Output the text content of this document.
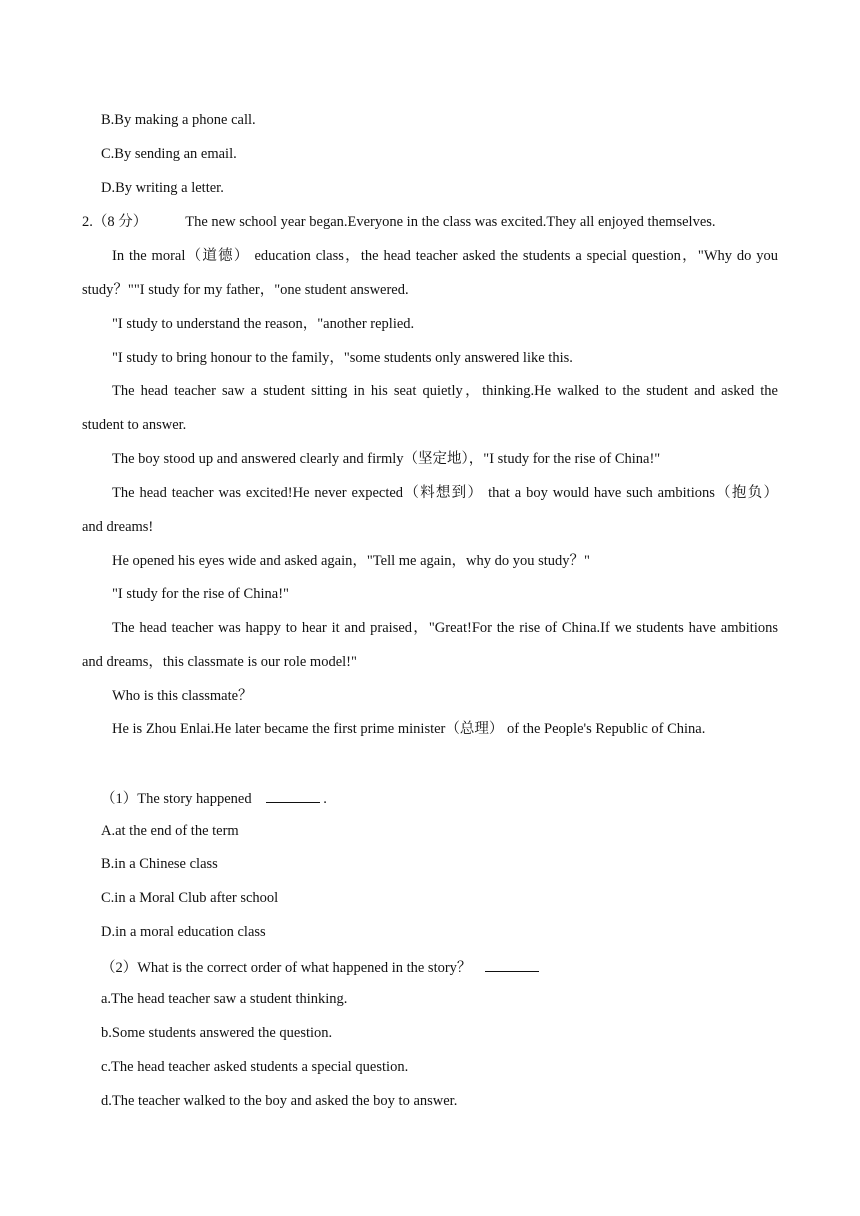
B.By making a phone call.
C.By sending an email.
D.By writing a letter.
2.（8 分）	The new school year began.Everyone in the class was excited.They all enjoyed themselves.
In the moral（道德） education class，the head teacher asked the students a special question，"Why do you
study？""I study for my father，"one student answered.
"I study to understand the reason，"another replied.
"I study to bring honour to the family，"some students only answered like this.
The head teacher saw a student sitting in his seat quietly，thinking.He walked to the student and asked the
student to answer.
The boy stood up and answered clearly and firmly（坚定地），"I study for the rise of China!"
The head teacher was excited!He never expected（料想到） that a boy would have such ambitions（抱负）
and dreams!
He opened his eyes wide and asked again，"Tell me again，why do you study？"
"I study for the rise of China!"
The head teacher was happy to hear it and praised，"Great!For the rise of China.If we students have ambitions
and dreams，this classmate is our role model!"
Who is this classmate？
He is Zhou Enlai.He later became the first prime minister（总理） of the People's Republic of China.
（1）The story happened	.
A.at the end of the term
B.in a Chinese class
C.in a Moral Club after school
D.in a moral education class
（2）What is the correct order of what happened in the story？
a.The head teacher saw a student thinking.
b.Some students answered the question.
c.The head teacher asked students a special question.
d.The teacher walked to the boy and asked the boy to answer.
